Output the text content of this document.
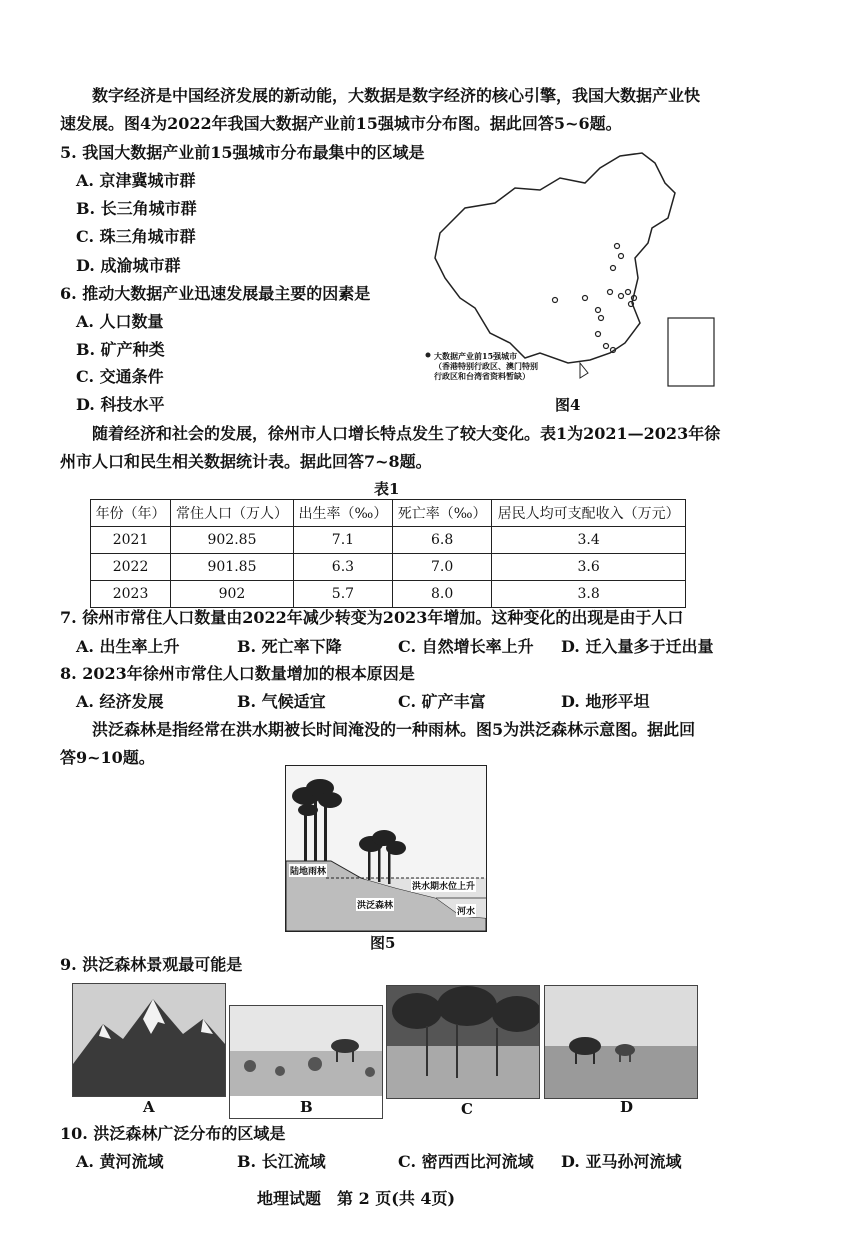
数字经济是中国经济发展的新动能，大数据是数字经济的核心引擎，我国大数据产业快
速发展。图4为2022年我国大数据产业前15强城市分布图。据此回答5~6题。
5. 我国大数据产业前15强城市分布最集中的区域是
A. 京津冀城市群
B. 长三角城市群
C. 珠三角城市群
D. 成渝城市群
6. 推动大数据产业迅速发展最主要的因素是
A. 人口数量
B. 矿产种类
C. 交通条件
D. 科技水平
大数据产业前15强城市
（香港特别行政区、澳门特别
行政区和台湾省资料暂缺）
图4
随着经济和社会的发展，徐州市人口增长特点发生了较大变化。表1为2021—2023年徐
州市人口和民生相关数据统计表。据此回答7~8题。
表1
年份（年）	常住人口（万人）	出生率（‰）	死亡率（‰）	居民人均可支配收入（万元）
2021	902.85	7.1	6.8	3.4
2022	901.85	6.3	7.0	3.6
2023	902	5.7	8.0	3.8
7. 徐州市常住人口数量由2022年减少转变为2023年增加。这种变化的出现是由于人口
A. 出生率上升	B. 死亡率下降	C. 自然增长率上升 D. 迁入量多于迁出量
8. 2023年徐州市常住人口数量增加的根本原因是
A. 经济发展	B. 气候适宜	C. 矿产丰富	D. 地形平坦
洪泛森林是指经常在洪水期被长时间淹没的一种雨林。图5为洪泛森林示意图。据此回
答9~10题。
陆地雨林
洪泛森林
洪水期水位上升
河水
图5
9. 洪泛森林景观最可能是
A	B	C	D
10. 洪泛森林广泛分布的区域是
A. 黄河流域	B. 长江流域	C. 密西西比河流域 D. 亚马孙河流域
地理试题　第 2 页(共 4页)
